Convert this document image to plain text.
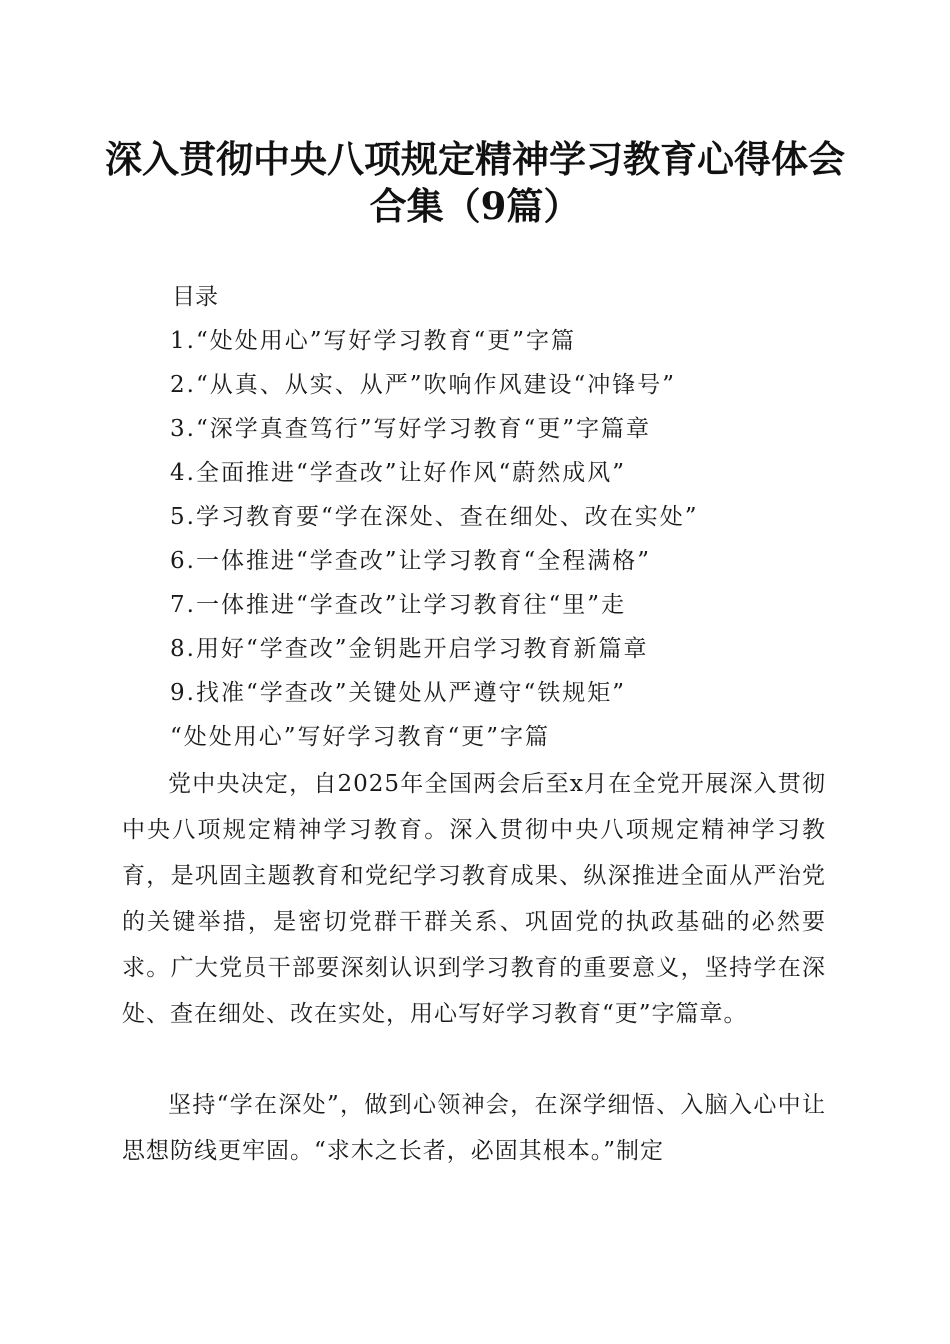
深入贯彻中央八项规定精神学习教育心得体会
合集（9篇）
目录
1.“处处用心”写好学习教育“更”字篇
2.“从真、从实、从严”吹响作风建设“冲锋号”
3.“深学真查笃行”写好学习教育“更”字篇章
4.全面推进“学查改”让好作风“蔚然成风”
5.学习教育要“学在深处、查在细处、改在实处”
6.一体推进“学查改”让学习教育“全程满格”
7.一体推进“学查改”让学习教育往“里”走
8.用好“学查改”金钥匙开启学习教育新篇章
9.找准“学查改”关键处从严遵守“铁规矩”
“处处用心”写好学习教育“更”字篇

党中央决定，自2025年全国两会后至x月在全党开展深入贯彻中央八项规定精神学习教育。深入贯彻中央八项规定精神学习教育，是巩固主题教育和党纪学习教育成果、纵深推进全面从严治党的关键举措，是密切党群干群关系、巩固党的执政基础的必然要求。广大党员干部要深刻认识到学习教育的重要意义，坚持学在深处、查在细处、改在实处，用心写好学习教育“更”字篇章。

坚持“学在深处”，做到心领神会，在深学细悟、入脑入心中让思想防线更牢固。“求木之长者，必固其根本。”制定
